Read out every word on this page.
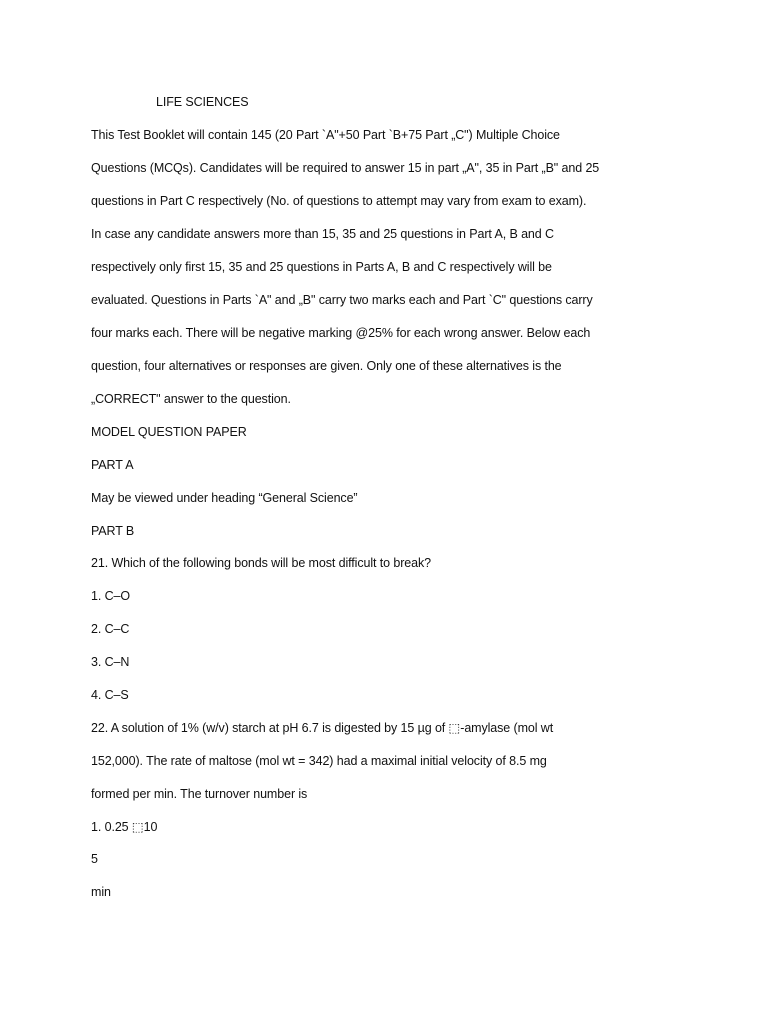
LIFE SCIENCES

This Test Booklet will contain 145 (20 Part `A"+50 Part `B+75 Part „C") Multiple Choice

Questions (MCQs). Candidates will be required to answer 15 in part „A", 35 in Part „B" and 25

questions in Part C respectively (No. of questions to attempt may vary from exam to exam).

In case any candidate answers more than 15, 35 and 25 questions in Part A, B and C

respectively only first 15, 35 and 25 questions in Parts A, B and C respectively will be

evaluated. Questions in Parts `A" and „B" carry two marks each and Part `C" questions carry

four marks each. There will be negative marking @25% for each wrong answer. Below each

question, four alternatives or responses are given. Only one of these alternatives is the

„CORRECT" answer to the question.

MODEL QUESTION PAPER

PART A

May be viewed under heading “General Science”

PART B

21. Which of the following bonds will be most difficult to break?

1. C–O

2. C–C

3. C–N

4. C–S

22. A solution of 1% (w/v) starch at pH 6.7 is digested by 15 µg of ⬚-amylase (mol wt

152,000). The rate of maltose (mol wt = 342) had a maximal initial velocity of 8.5 mg

formed per min. The turnover number is

1. 0.25 ⬚10

5

min
